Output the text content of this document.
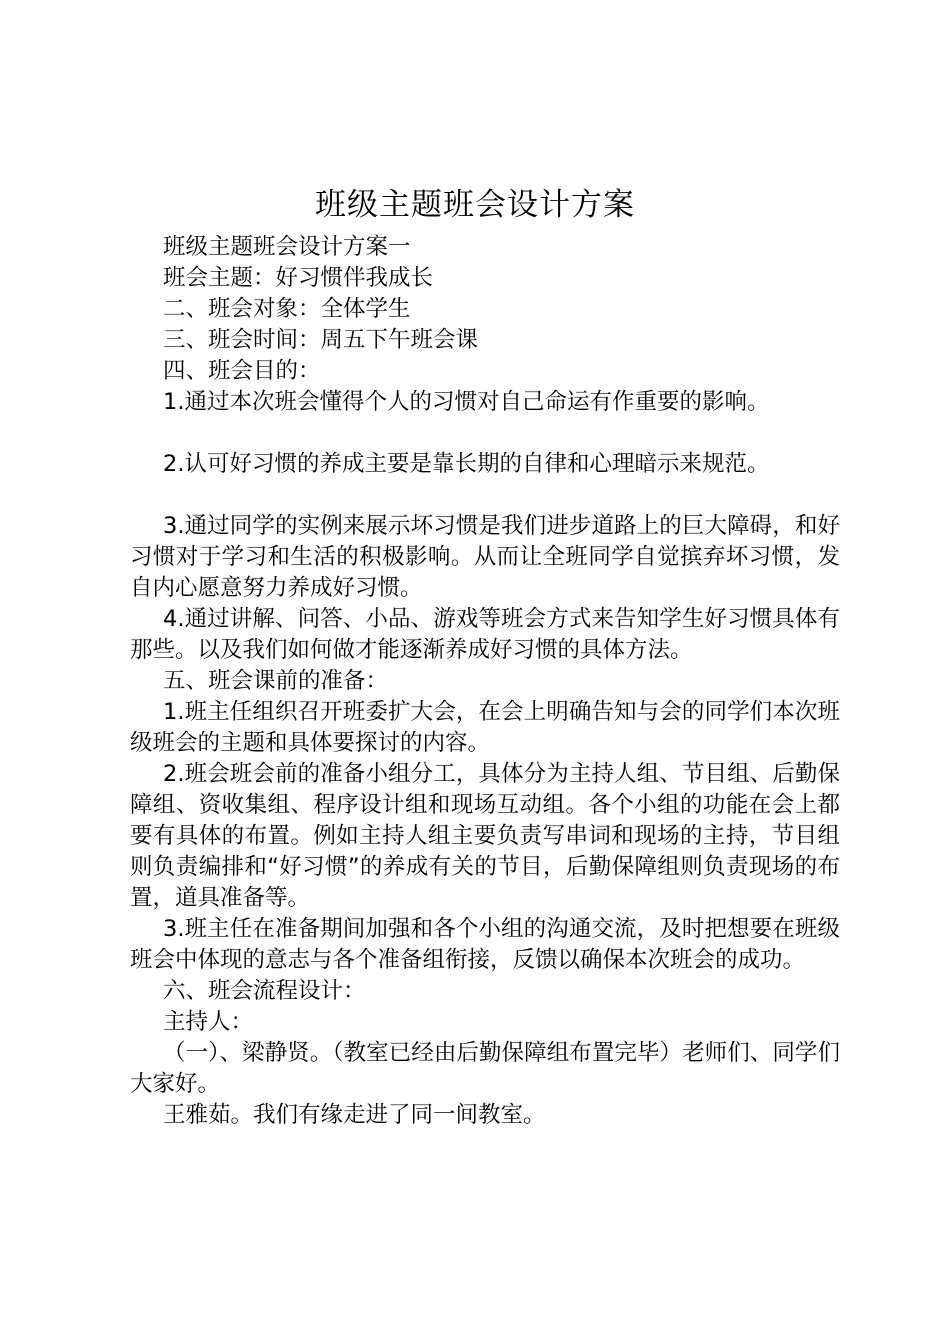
班级主题班会设计方案

班级主题班会设计方案一

班会主题：好习惯伴我成长

二、班会对象：全体学生

三、班会时间：周五下午班会课

四、班会目的：

1.通过本次班会懂得个人的习惯对自己命运有作重要的影响。

2.认可好习惯的养成主要是靠长期的自律和心理暗示来规范。

3.通过同学的实例来展示坏习惯是我们进步道路上的巨大障碍，和好习惯对于学习和生活的积极影响。从而让全班同学自觉摈弃坏习惯，发自内心愿意努力养成好习惯。

4.通过讲解、问答、小品、游戏等班会方式来告知学生好习惯具体有那些。以及我们如何做才能逐渐养成好习惯的具体方法。

五、班会课前的准备：

1.班主任组织召开班委扩大会，在会上明确告知与会的同学们本次班级班会的主题和具体要探讨的内容。

2.班会班会前的准备小组分工，具体分为主持人组、节目组、后勤保障组、资收集组、程序设计组和现场互动组。各个小组的功能在会上都要有具体的布置。例如主持人组主要负责写串词和现场的主持，节目组则负责编排和“好习惯”的养成有关的节目，后勤保障组则负责现场的布置，道具准备等。

3.班主任在准备期间加强和各个小组的沟通交流，及时把想要在班级班会中体现的意志与各个准备组衔接，反馈以确保本次班会的成功。

六、班会流程设计：

主持人：

（一）、梁静贤。（教室已经由后勤保障组布置完毕）老师们、同学们大家好。

王雅茹。我们有缘走进了同一间教室。
